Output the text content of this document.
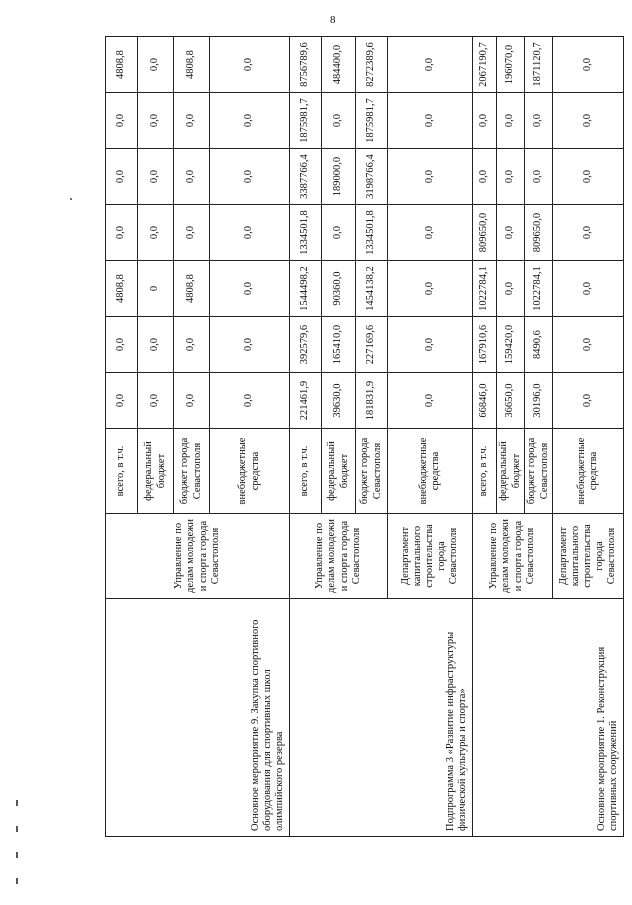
8
Основное мероприятие 9. Закупка спортивного оборудования для спортивных школ олимпийского резерва	Управление по делам молодежи и спорта города Севастополя	всего, в т.ч.	0,0	0,0	4808,8	0,0	0,0	0,0	4808,8
		федеральный бюджет	0,0	0,0	0	0,0	0,0	0,0	0,0
		бюджет города Севастополя	0,0	0,0	4808,8	0,0	0,0	0,0	4808,8
		внебюджетные средства	0,0	0,0	0,0	0,0	0,0	0,0	0,0
Подпрограмма 3 «Развитие инфраструктуры физической культуры и спорта»	Управление по делам молодежи и спорта города Севастополя	всего, в т.ч.	221461,9	392579,6	1544498,2	1334501,8	3387766,4	1875981,7	8756789,6
		федеральный бюджет	39630,0	165410,0	90360,0	0,0	189000,0	0,0	484400,0
		бюджет города Севастополя	181831,9	227169,6	1454138,2	1334501,8	3198766,4	1875981,7	8272389,6
	Департамент капитального строительства города Севастополя	внебюджетные средства	0,0	0,0	0,0	0,0	0,0	0,0	0,0
Основное мероприятие 1. Реконструкция спортивных сооружений	Управление по делам молодежи и спорта города Севастополя	всего, в т.ч.	66846,0	167910,6	1022784,1	809650,0	0,0	0,0	2067190,7
		федеральный бюджет	36650,0	159420,0	0,0	0,0	0,0	0,0	196070,0
		бюджет города Севастополя	30196,0	8490,6	1022784,1	809650,0	0,0	0,0	1871120,7
	Департамент капитального строительства города Севастополя	внебюджетные средства	0,0	0,0	0,0	0,0	0,0	0,0	0,0
